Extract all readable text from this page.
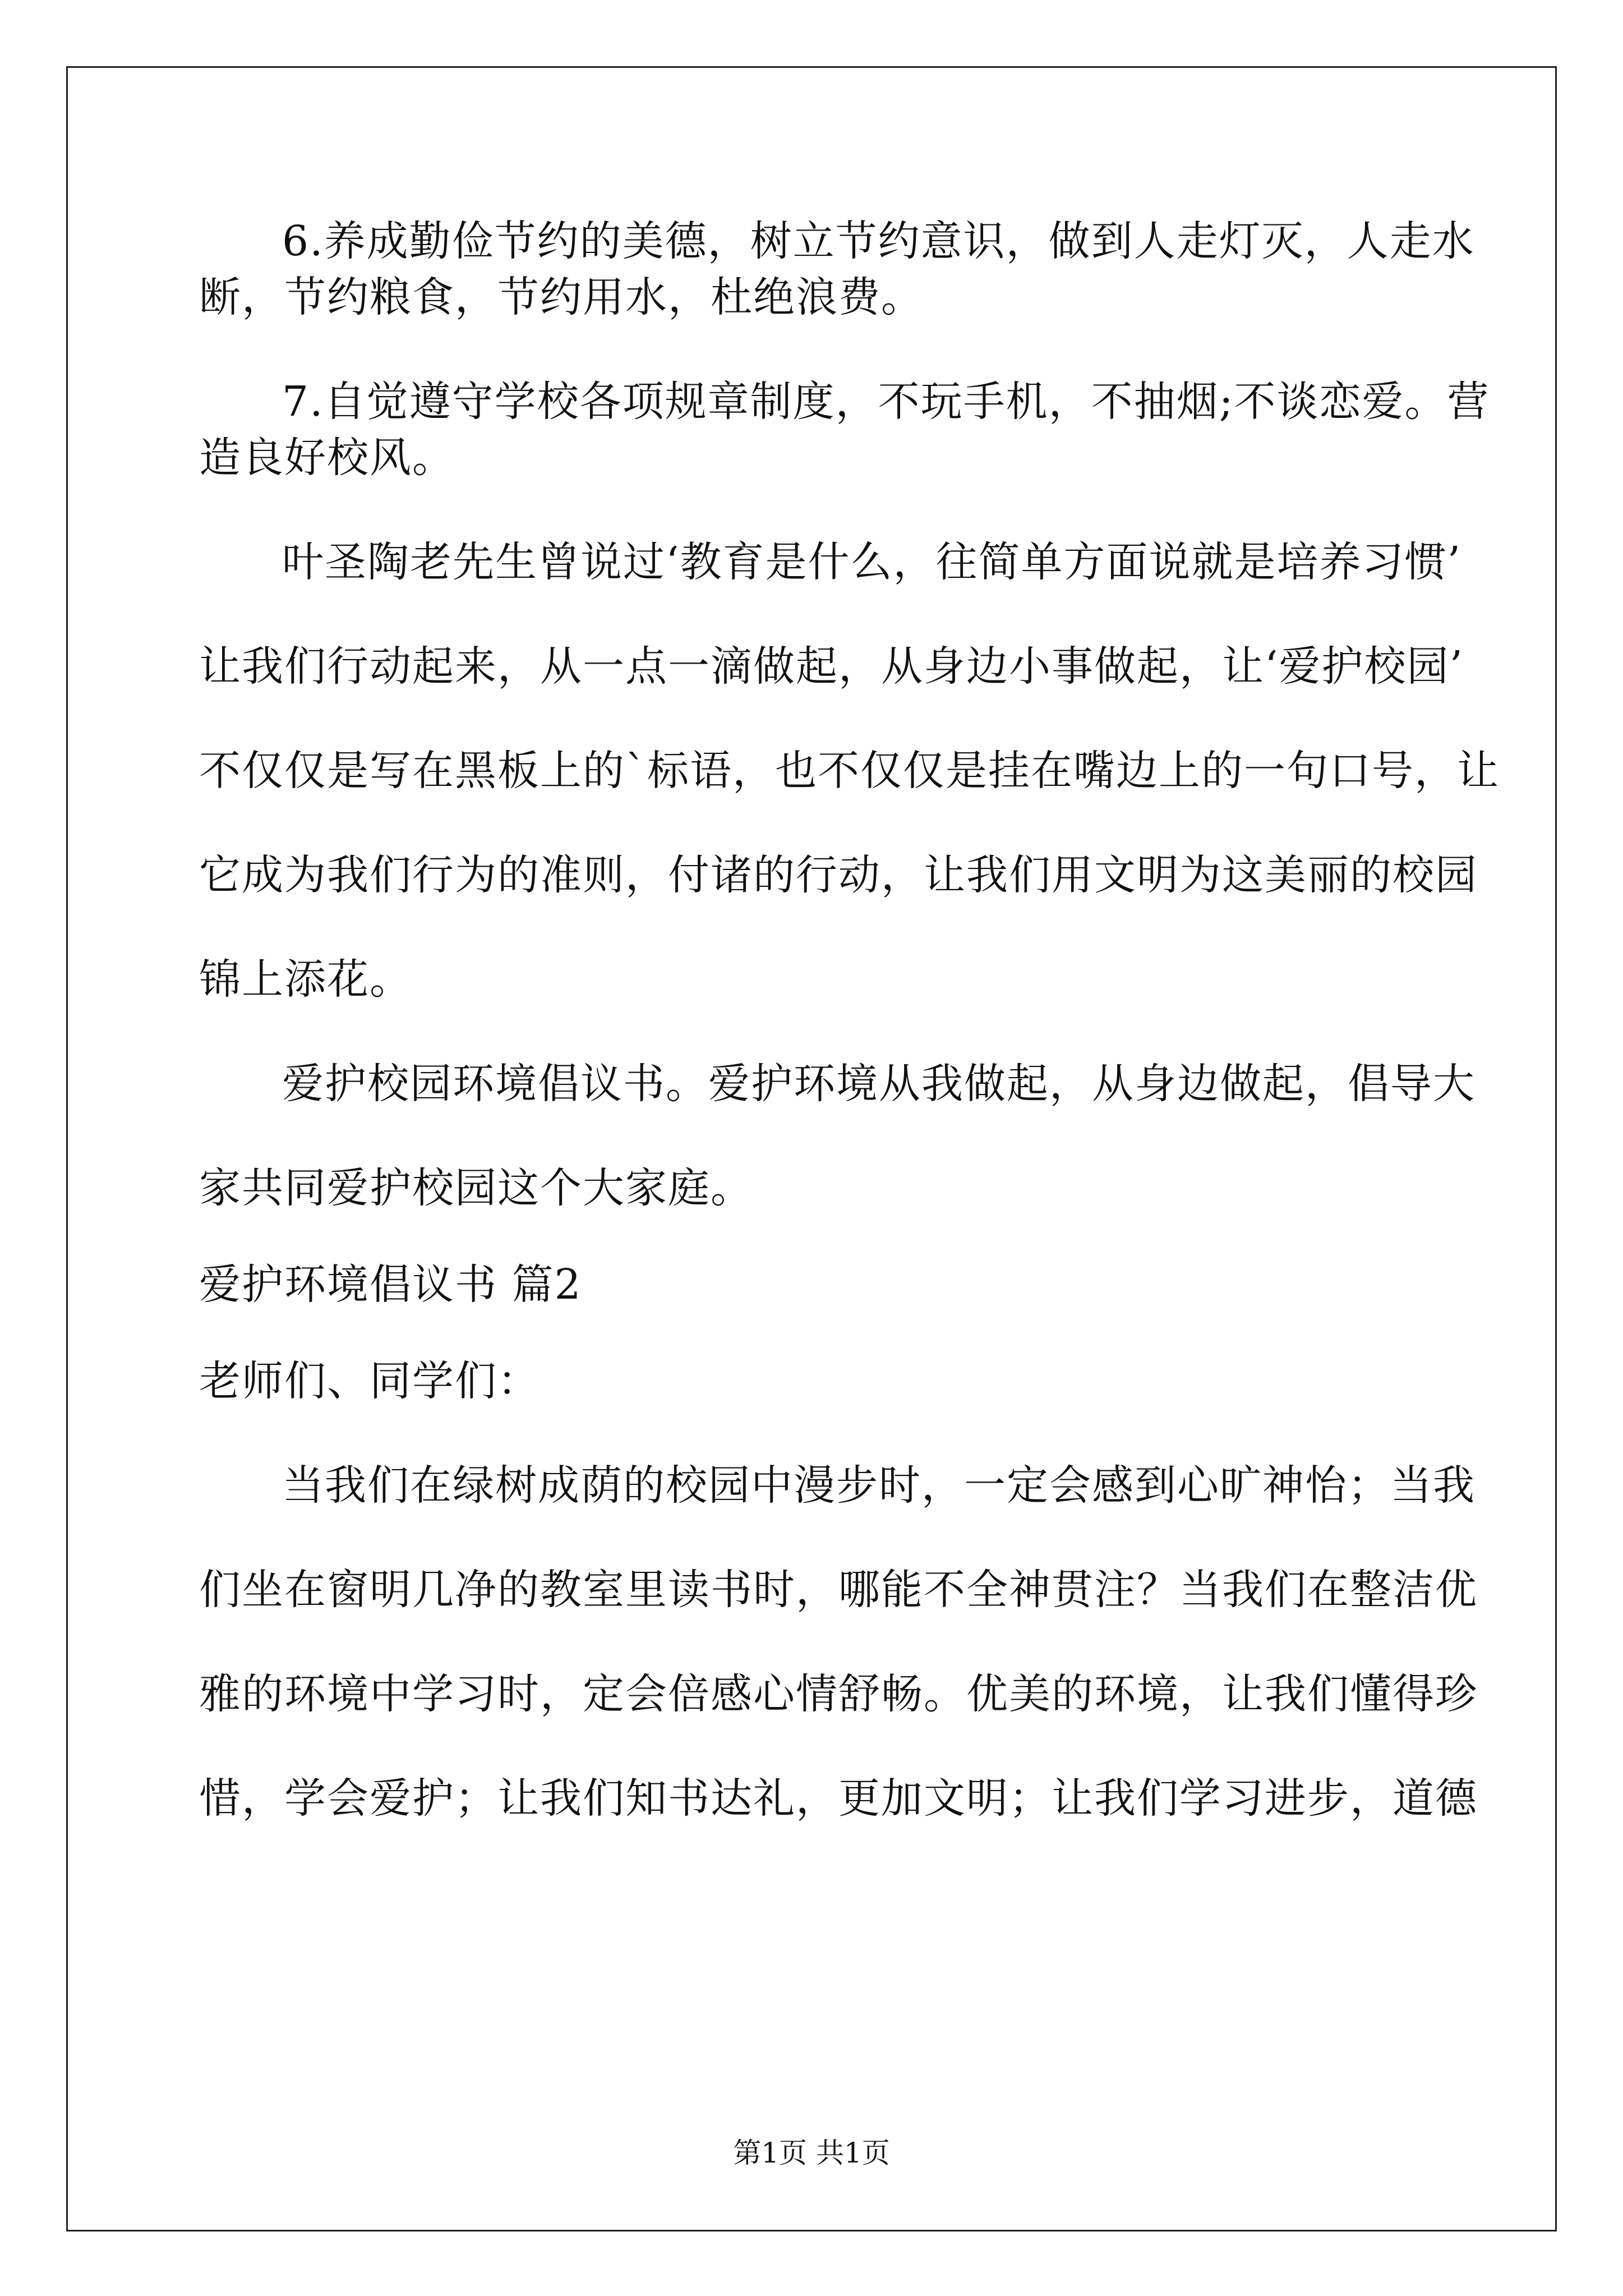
6.养成勤俭节约的美德，树立节约意识，做到人走灯灭，人走水
断，节约粮食，节约用水，杜绝浪费。
7.自觉遵守学校各项规章制度，不玩手机，不抽烟;不谈恋爱。营
造良好校风。
叶圣陶老先生曾说过‘教育是什么，往简单方面说就是培养习惯’
让我们行动起来，从一点一滴做起，从身边小事做起，让‘爱护校园’
不仅仅是写在黑板上的`标语，也不仅仅是挂在嘴边上的一句口号，让
它成为我们行为的准则，付诸的行动，让我们用文明为这美丽的校园
锦上添花。
爱护校园环境倡议书。爱护环境从我做起，从身边做起，倡导大
家共同爱护校园这个大家庭。
爱护环境倡议书 篇2
老师们、同学们：
当我们在绿树成荫的校园中漫步时，一定会感到心旷神怡；当我
们坐在窗明几净的教室里读书时，哪能不全神贯注？当我们在整洁优
雅的环境中学习时，定会倍感心情舒畅。优美的环境，让我们懂得珍
惜，学会爱护；让我们知书达礼，更加文明；让我们学习进步，道德
第1页 共1页
